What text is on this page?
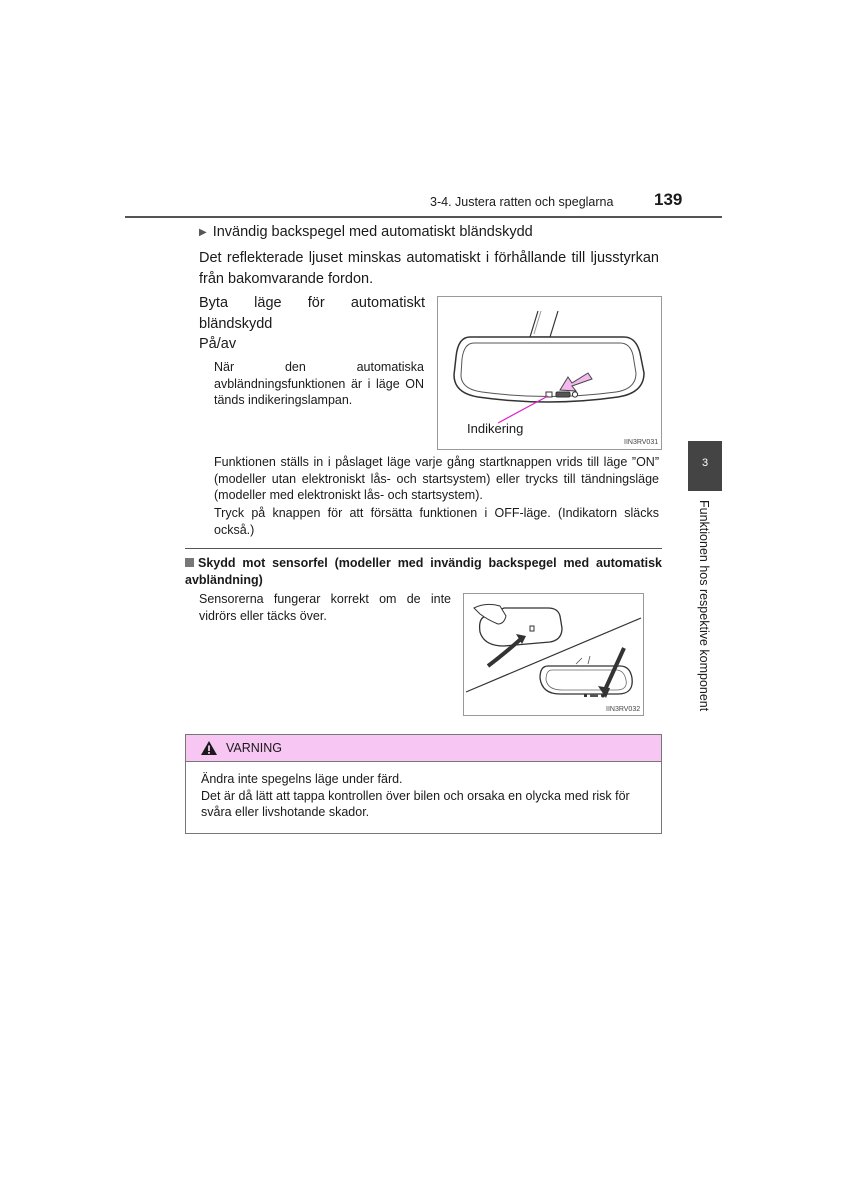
3-4. Justera ratten och speglarna 139
▶ Invändig backspegel med automatiskt bländskydd
Det reflekterade ljuset minskas automatiskt i förhållande till ljusstyrkan från bakomvarande fordon.
Byta läge för automatiskt bländskydd
På/av
När den automatiska avbländningsfunktionen är i läge ON tänds indikeringslampan.
Indikering
IIN3RV031
Funktionen ställs in i påslaget läge varje gång startknappen vrids till läge ”ON” (modeller utan elektroniskt lås- och startsystem) eller trycks till tändningsläge (modeller med elektroniskt lås- och startsystem).
Tryck på knappen för att försätta funktionen i OFF-läge. (Indikatorn släcks också.)
Skydd mot sensorfel (modeller med invändig backspegel med automatisk avbländning)
Sensorerna fungerar korrekt om de inte vidrörs eller täcks över.
IIN3RV032
VARNING
Ändra inte spegelns läge under färd.
Det är då lätt att tappa kontrollen över bilen och orsaka en olycka med risk för svåra eller livshotande skador.
3
Funktionen hos respektive komponent
